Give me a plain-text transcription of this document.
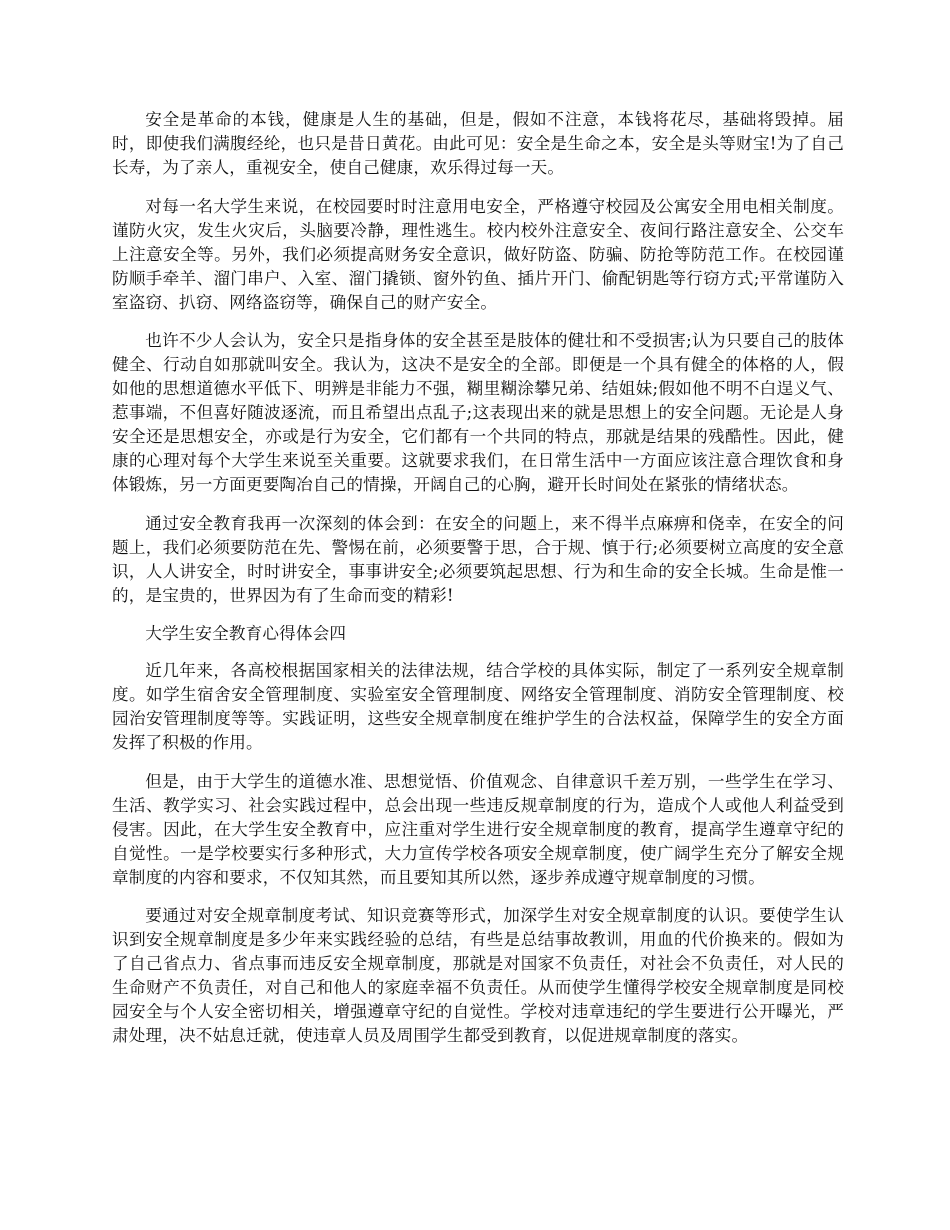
安全是革命的本钱，健康是人生的基础，但是，假如不注意，本钱将花尽，基础将毁掉。届时，即使我们满腹经纶，也只是昔日黄花。由此可见：安全是生命之本，安全是头等财宝!为了自己长寿，为了亲人，重视安全，使自己健康，欢乐得过每一天。

对每一名大学生来说，在校园要时时注意用电安全，严格遵守校园及公寓安全用电相关制度。谨防火灾，发生火灾后，头脑要冷静，理性逃生。校内校外注意安全、夜间行路注意安全、公交车上注意安全等。另外，我们必须提高财务安全意识，做好防盗、防骗、防抢等防范工作。在校园谨防顺手牵羊、溜门串户、入室、溜门撬锁、窗外钓鱼、插片开门、偷配钥匙等行窃方式;平常谨防入室盗窃、扒窃、网络盗窃等，确保自己的财产安全。

也许不少人会认为，安全只是指身体的安全甚至是肢体的健壮和不受损害;认为只要自己的肢体健全、行动自如那就叫安全。我认为，这决不是安全的全部。即便是一个具有健全的体格的人，假如他的思想道德水平低下、明辨是非能力不强，糊里糊涂攀兄弟、结姐妹;假如他不明不白逞义气、惹事端，不但喜好随波逐流，而且希望出点乱子;这表现出来的就是思想上的安全问题。无论是人身安全还是思想安全，亦或是行为安全，它们都有一个共同的特点，那就是结果的残酷性。因此，健康的心理对每个大学生来说至关重要。这就要求我们，在日常生活中一方面应该注意合理饮食和身体锻炼，另一方面更要陶冶自己的情操，开阔自己的心胸，避开长时间处在紧张的情绪状态。

通过安全教育我再一次深刻的体会到：在安全的问题上，来不得半点麻痹和侥幸，在安全的问题上，我们必须要防范在先、警惕在前，必须要警于思，合于规、慎于行;必须要树立高度的安全意识，人人讲安全，时时讲安全，事事讲安全;必须要筑起思想、行为和生命的安全长城。生命是惟一的，是宝贵的，世界因为有了生命而变的精彩!

大学生安全教育心得体会四

近几年来，各高校根据国家相关的法律法规，结合学校的具体实际，制定了一系列安全规章制度。如学生宿舍安全管理制度、实验室安全管理制度、网络安全管理制度、消防安全管理制度、校园治安管理制度等等。实践证明，这些安全规章制度在维护学生的合法权益，保障学生的安全方面发挥了积极的作用。

但是，由于大学生的道德水准、思想觉悟、价值观念、自律意识千差万别，一些学生在学习、生活、教学实习、社会实践过程中，总会出现一些违反规章制度的行为，造成个人或他人利益受到侵害。因此，在大学生安全教育中，应注重对学生进行安全规章制度的教育，提高学生遵章守纪的自觉性。一是学校要实行多种形式，大力宣传学校各项安全规章制度，使广阔学生充分了解安全规章制度的内容和要求，不仅知其然，而且要知其所以然，逐步养成遵守规章制度的习惯。

要通过对安全规章制度考试、知识竞赛等形式，加深学生对安全规章制度的认识。要使学生认识到安全规章制度是多少年来实践经验的总结，有些是总结事故教训，用血的代价换来的。假如为了自己省点力、省点事而违反安全规章制度，那就是对国家不负责任，对社会不负责任，对人民的生命财产不负责任，对自己和他人的家庭幸福不负责任。从而使学生懂得学校安全规章制度是同校园安全与个人安全密切相关，增强遵章守纪的自觉性。学校对违章违纪的学生要进行公开曝光，严肃处理，决不姑息迁就，使违章人员及周围学生都受到教育，以促进规章制度的落实。
